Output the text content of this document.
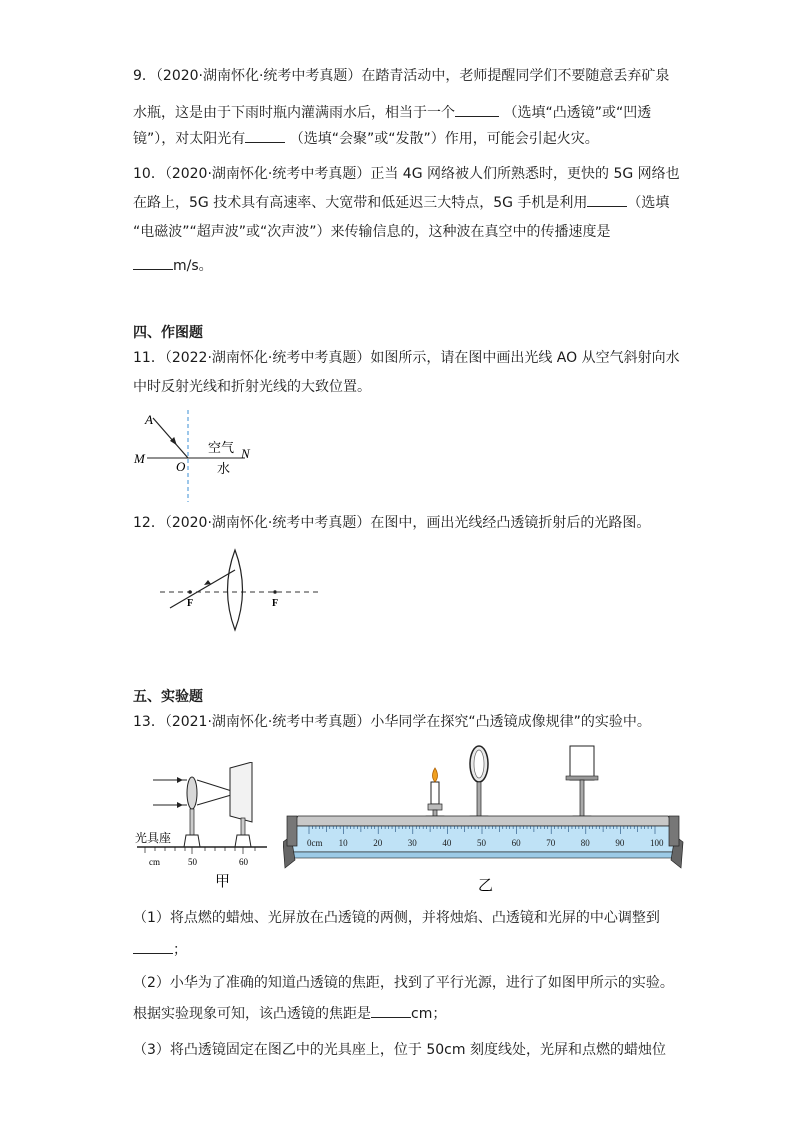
9．（2020·湖南怀化·统考中考真题）在踏青活动中，老师提醒同学们不要随意丢弃矿泉
水瓶，这是由于下雨时瓶内灌满雨水后，相当于一个	（选填“凸透镜”或“凹透
镜”），对太阳光有	（选填“会聚”或“发散”）作用，可能会引起火灾。
10．（2020·湖南怀化·统考中考真题）正当 4G 网络被人们所熟悉时，更快的 5G 网络也
在路上，5G 技术具有高速率、大宽带和低延迟三大特点，5G 手机是利用	（选填
“电磁波”“超声波”或“次声波”）来传输信息的，这种波在真空中的传播速度是
m/s。
四、作图题
11．（2022·湖南怀化·统考中考真题）如图所示，请在图中画出光线 AO 从空气斜射向水
中时反射光线和折射光线的大致位置。
A
M
O
N
空气
水
12．（2020·湖南怀化·统考中考真题）在图中，画出光线经凸透镜折射后的光路图。
F	F
五、实验题
13．（2021·湖南怀化·统考中考真题）小华同学在探究“凸透镜成像规律”的实验中。
光具座
cm	50	60
甲
0cm 10	20	30	40	50	60	70	80	90	100
乙
（1）将点燃的蜡烛、光屏放在凸透镜的两侧，并将烛焰、凸透镜和光屏的中心调整到
；
（2）小华为了准确的知道凸透镜的焦距，找到了平行光源，进行了如图甲所示的实验。
根据实验现象可知，该凸透镜的焦距是	cm；
（3）将凸透镜固定在图乙中的光具座上，位于 50cm 刻度线处，光屏和点燃的蜡烛位
